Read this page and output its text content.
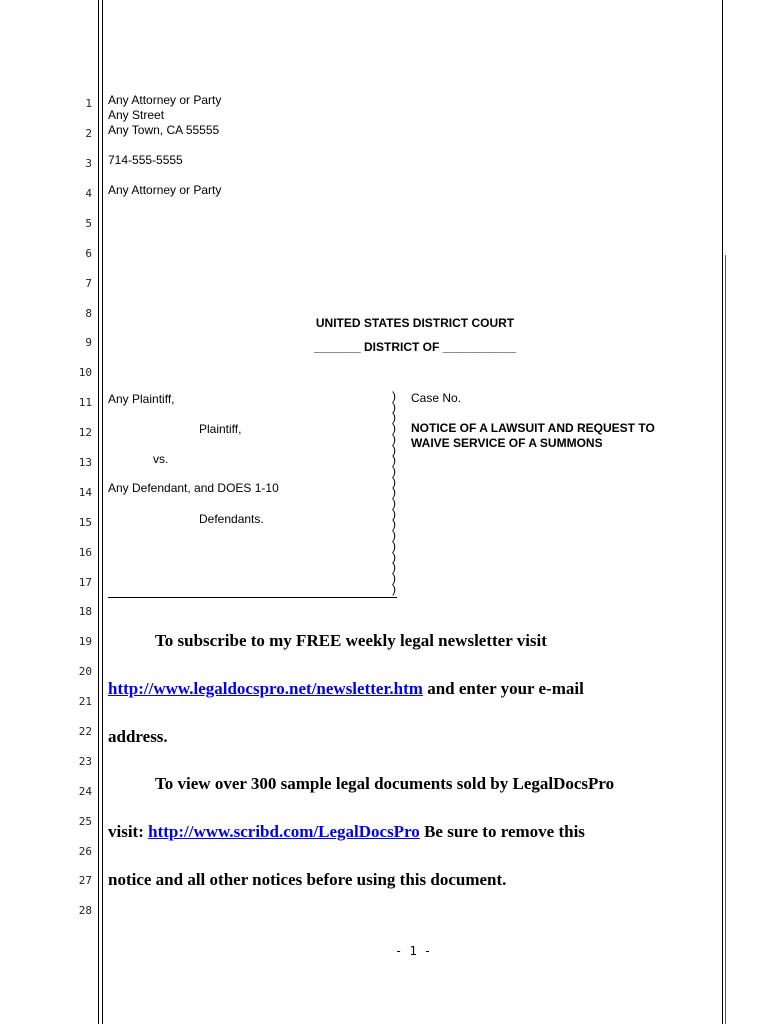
1
2
3
4
5
6
7
8
9
10
11
12
13
14
15
16
17
18
19
20
21
22
23
24
25
26
27
28
Any Attorney or Party
Any Street
Any Town, CA 55555
714-555-5555
Any Attorney or Party
UNITED STATES DISTRICT COURT
_______ DISTRICT OF ___________
Any Plaintiff,
Plaintiff,
vs.
Any Defendant, and DOES 1-10
Defendants.
)
)
)
)
)
)
)
)
)
)
)
)
)
)
)
)
)
)
)
Case No.
NOTICE OF A LAWSUIT AND REQUEST TO
WAIVE SERVICE OF A SUMMONS
To subscribe to my FREE weekly legal newsletter visit
http://www.legaldocspro.net/newsletter.htm and enter your e-mail
address.
To view over 300 sample legal documents sold by LegalDocsPro
visit: http://www.scribd.com/LegalDocsPro Be sure to remove this
notice and all other notices before using this document.
- 1 -
